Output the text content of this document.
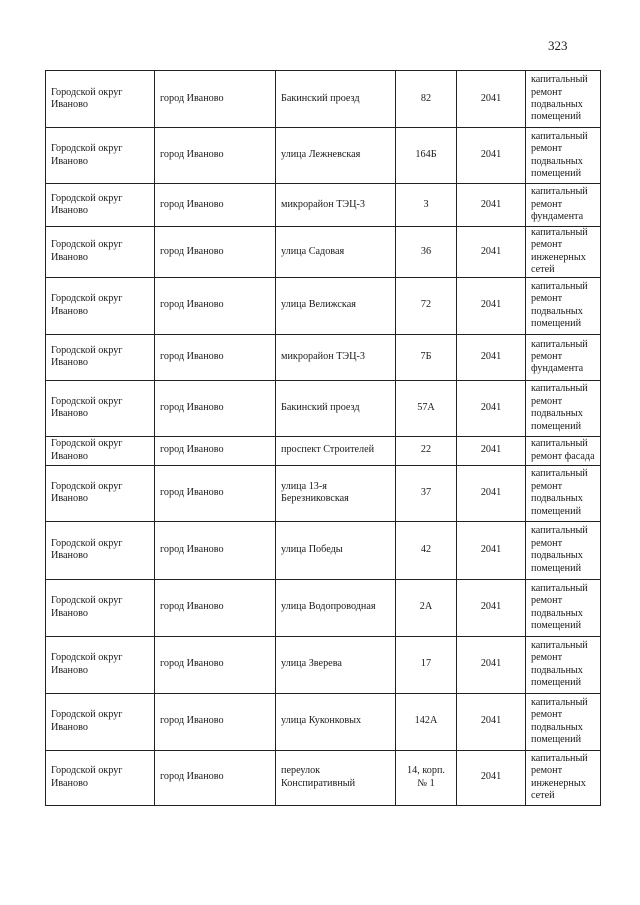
323
Городской округ Иваново	город Иваново	Бакинский проезд	82	2041	капитальный ремонт подвальных помещений
Городской округ Иваново	город Иваново	улица Лежневская	164Б	2041	капитальный ремонт подвальных помещений
Городской округ Иваново	город Иваново	микрорайон ТЭЦ-3	3	2041	капитальный ремонт фундамента
Городской округ Иваново	город Иваново	улица Садовая	36	2041	капитальный ремонт инженерных сетей
Городской округ Иваново	город Иваново	улица Велижская	72	2041	капитальный ремонт подвальных помещений
Городской округ Иваново	город Иваново	микрорайон ТЭЦ-3	7Б	2041	капитальный ремонт фундамента
Городской округ Иваново	город Иваново	Бакинский проезд	57А	2041	капитальный ремонт подвальных помещений
Городской округ Иваново	город Иваново	проспект Строителей	22	2041	капитальный ремонт фасада
Городской округ Иваново	город Иваново	улица 13-я Березниковская	37	2041	капитальный ремонт подвальных помещений
Городской округ Иваново	город Иваново	улица Победы	42	2041	капитальный ремонт подвальных помещений
Городской округ Иваново	город Иваново	улица Водопроводная	2А	2041	капитальный ремонт подвальных помещений
Городской округ Иваново	город Иваново	улица Зверева	17	2041	капитальный ремонт подвальных помещений
Городской округ Иваново	город Иваново	улица Куконковых	142А	2041	капитальный ремонт подвальных помещений
Городской округ Иваново	город Иваново	переулок Конспиративный	14, корп. № 1	2041	капитальный ремонт инженерных сетей
